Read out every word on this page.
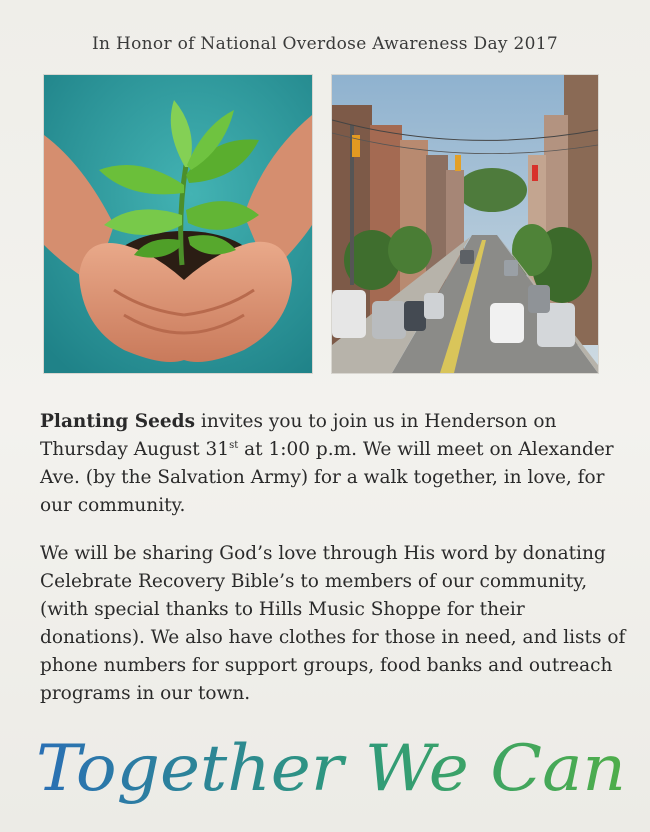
In Honor of National Overdose Awareness Day 2017
Planting Seeds invites you to join us in Henderson on Thursday August 31st at 1:00 p.m. We will meet on Alexander Ave. (by the Salvation Army) for a walk together, in love, for our community.
We will be sharing God’s love through His word by donating Celebrate Recovery Bible’s to members of our community, (with special thanks to Hills Music Shoppe for their donations). We also have clothes for those in need, and lists of phone numbers for support groups, food banks and outreach programs in our town.
Together We Can
